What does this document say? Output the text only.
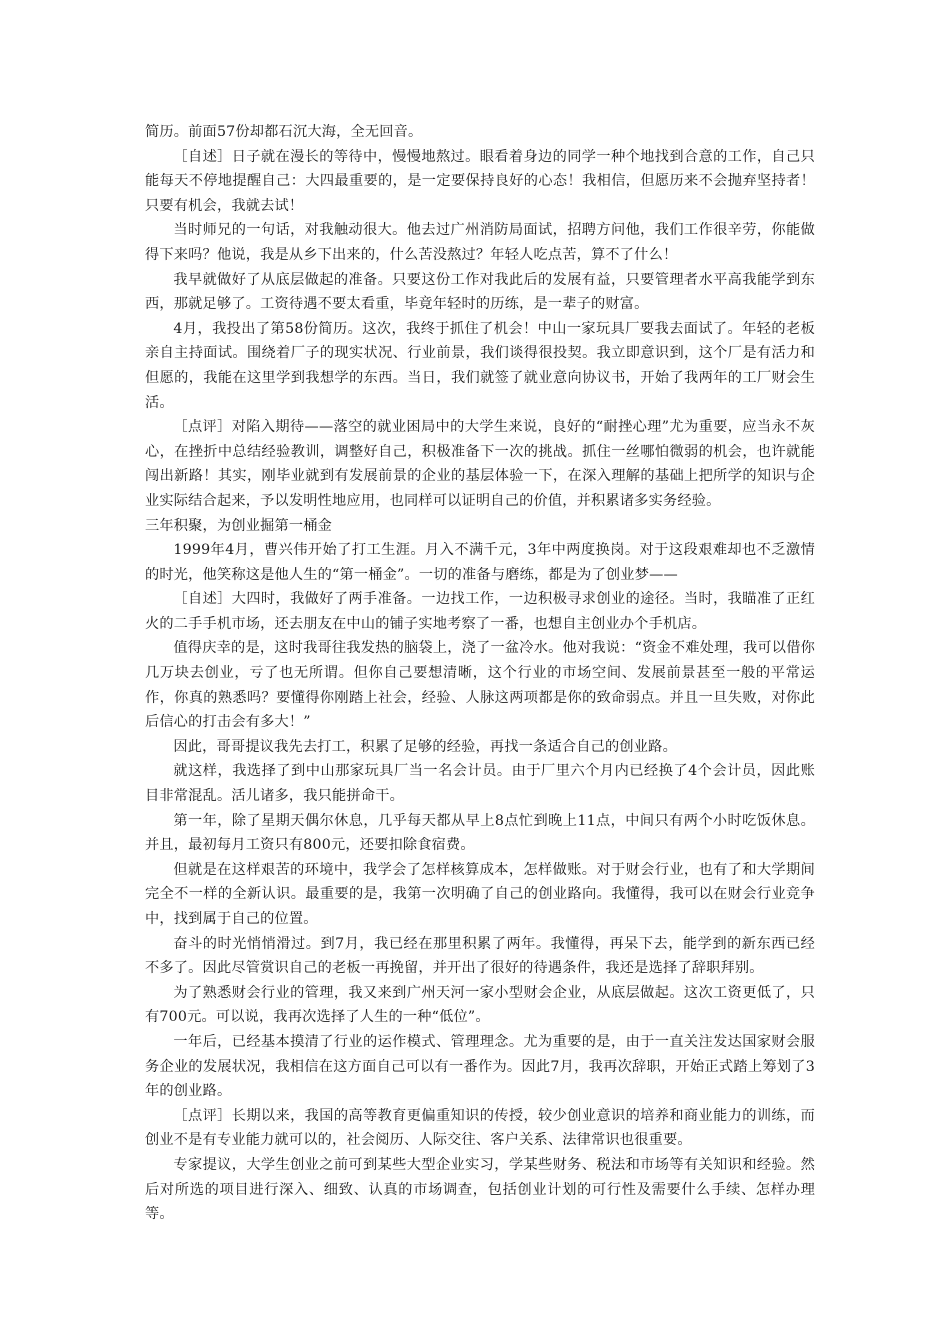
简历。前面57份却都石沉大海，全无回音。

［自述］日子就在漫长的等待中，慢慢地熬过。眼看着身边的同学一种个地找到合意的工作，自己只能每天不停地提醒自己：大四最重要的，是一定要保持良好的心态！我相信，但愿历来不会抛弃坚持者！只要有机会，我就去试！

当时师兄的一句话，对我触动很大。他去过广州消防局面试，招聘方问他，我们工作很辛劳，你能做得下来吗？他说，我是从乡下出来的，什么苦没熬过？年轻人吃点苦，算不了什么！

我早就做好了从底层做起的准备。只要这份工作对我此后的发展有益，只要管理者水平高我能学到东西，那就足够了。工资待遇不要太看重，毕竟年轻时的历练，是一辈子的财富。

4月，我投出了第58份简历。这次，我终于抓住了机会！中山一家玩具厂要我去面试了。年轻的老板亲自主持面试。围绕着厂子的现实状况、行业前景，我们谈得很投契。我立即意识到，这个厂是有活力和但愿的，我能在这里学到我想学的东西。当日，我们就签了就业意向协议书，开始了我两年的工厂财会生活。

［点评］对陷入期待——落空的就业困局中的大学生来说，良好的“耐挫心理”尤为重要，应当永不灰心，在挫折中总结经验教训，调整好自己，积极准备下一次的挑战。抓住一丝哪怕微弱的机会，也许就能闯出新路！其实，刚毕业就到有发展前景的企业的基层体验一下，在深入理解的基础上把所学的知识与企业实际结合起来，予以发明性地应用，也同样可以证明自己的价值，并积累诸多实务经验。

三年积聚，为创业掘第一桶金

1999年4月，曹兴伟开始了打工生涯。月入不满千元，3年中两度换岗。对于这段艰难却也不乏激情的时光，他笑称这是他人生的“第一桶金”。一切的准备与磨练，都是为了创业梦——

［自述］大四时，我做好了两手准备。一边找工作，一边积极寻求创业的途径。当时，我瞄准了正红火的二手手机市场，还去朋友在中山的铺子实地考察了一番，也想自主创业办个手机店。

值得庆幸的是，这时我哥往我发热的脑袋上，浇了一盆冷水。他对我说：“资金不难处理，我可以借你几万块去创业，亏了也无所谓。但你自己要想清晰，这个行业的市场空间、发展前景甚至一般的平常运作，你真的熟悉吗？要懂得你刚踏上社会，经验、人脉这两项都是你的致命弱点。并且一旦失败，对你此后信心的打击会有多大！”

因此，哥哥提议我先去打工，积累了足够的经验，再找一条适合自己的创业路。

就这样，我选择了到中山那家玩具厂当一名会计员。由于厂里六个月内已经换了4个会计员，因此账目非常混乱。活儿诸多，我只能拼命干。

第一年，除了星期天偶尔休息，几乎每天都从早上8点忙到晚上11点，中间只有两个小时吃饭休息。并且，最初每月工资只有800元，还要扣除食宿费。

但就是在这样艰苦的环境中，我学会了怎样核算成本，怎样做账。对于财会行业，也有了和大学期间完全不一样的全新认识。最重要的是，我第一次明确了自己的创业路向。我懂得，我可以在财会行业竞争中，找到属于自己的位置。

奋斗的时光悄悄滑过。到7月，我已经在那里积累了两年。我懂得，再呆下去，能学到的新东西已经不多了。因此尽管赏识自己的老板一再挽留，并开出了很好的待遇条件，我还是选择了辞职拜别。

为了熟悉财会行业的管理，我又来到广州天河一家小型财会企业，从底层做起。这次工资更低了，只有700元。可以说，我再次选择了人生的一种“低位”。

一年后，已经基本摸清了行业的运作模式、管理理念。尤为重要的是，由于一直关注发达国家财会服务企业的发展状况，我相信在这方面自己可以有一番作为。因此7月，我再次辞职，开始正式踏上筹划了3年的创业路。

［点评］长期以来，我国的高等教育更偏重知识的传授，较少创业意识的培养和商业能力的训练，而创业不是有专业能力就可以的，社会阅历、人际交往、客户关系、法律常识也很重要。

专家提议，大学生创业之前可到某些大型企业实习，学某些财务、税法和市场等有关知识和经验。然后对所选的项目进行深入、细致、认真的市场调查，包括创业计划的可行性及需要什么手续、怎样办理等。
